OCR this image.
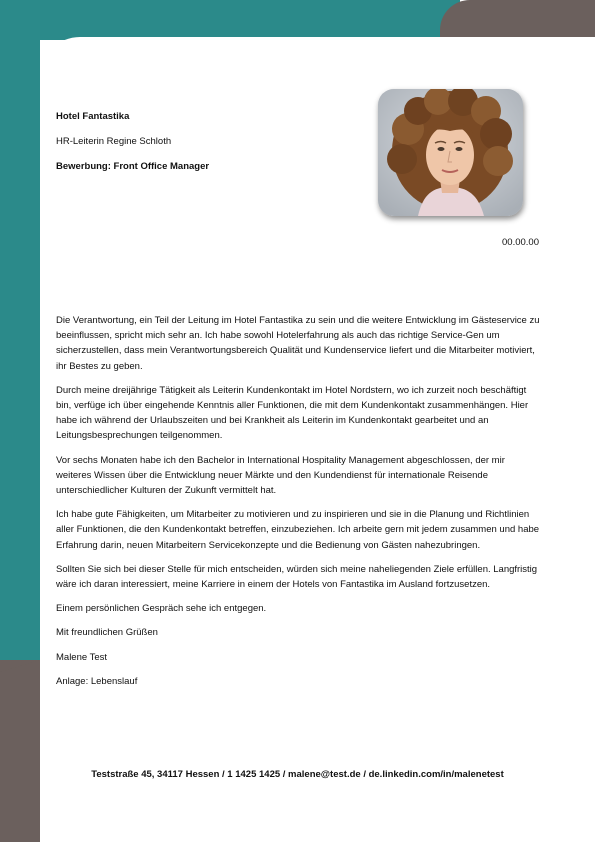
Hotel Fantastika
HR-Leiterin Regine Schloth
Bewerbung: Front Office Manager
00.00.00

Die Verantwortung, ein Teil der Leitung im Hotel Fantastika zu sein und die weitere Entwicklung im Gästeservice zu beeinflussen, spricht mich sehr an. Ich habe sowohl Hotelerfahrung als auch das richtige Service-Gen um sicherzustellen, dass mein Verantwortungsbereich Qualität und Kundenservice liefert und die Mitarbeiter motiviert, ihr Bestes zu geben.

Durch meine dreijährige Tätigkeit als Leiterin Kundenkontakt im Hotel Nordstern, wo ich zurzeit noch beschäftigt bin, verfüge ich über eingehende Kenntnis aller Funktionen, die mit dem Kundenkontakt zusammenhängen. Hier habe ich während der Urlaubszeiten und bei Krankheit als Leiterin im Kundenkontakt gearbeitet und an Leitungsbesprechungen teilgenommen.

Vor sechs Monaten habe ich den Bachelor in International Hospitality Management abgeschlossen, der mir weiteres Wissen über die Entwicklung neuer Märkte und den Kundendienst für internationale Reisende unterschiedlicher Kulturen der Zukunft vermittelt hat.

Ich habe gute Fähigkeiten, um Mitarbeiter zu motivieren und zu inspirieren und sie in die Planung und Richtlinien aller Funktionen, die den Kundenkontakt betreffen, einzubeziehen. Ich arbeite gern mit jedem zusammen und habe Erfahrung darin, neuen Mitarbeitern Servicekonzepte und die Bedienung von Gästen nahezubringen.

Sollten Sie sich bei dieser Stelle für mich entscheiden, würden sich meine naheliegenden Ziele erfüllen. Langfristig wäre ich daran interessiert, meine Karriere in einem der Hotels von Fantastika im Ausland fortzusetzen.

Einem persönlichen Gespräch sehe ich entgegen.

Mit freundlichen Grüßen

Malene Test

Anlage: Lebenslauf

Teststraße 45, 34117 Hessen / 1 1425 1425 / malene@test.de / de.linkedin.com/in/malenetest
